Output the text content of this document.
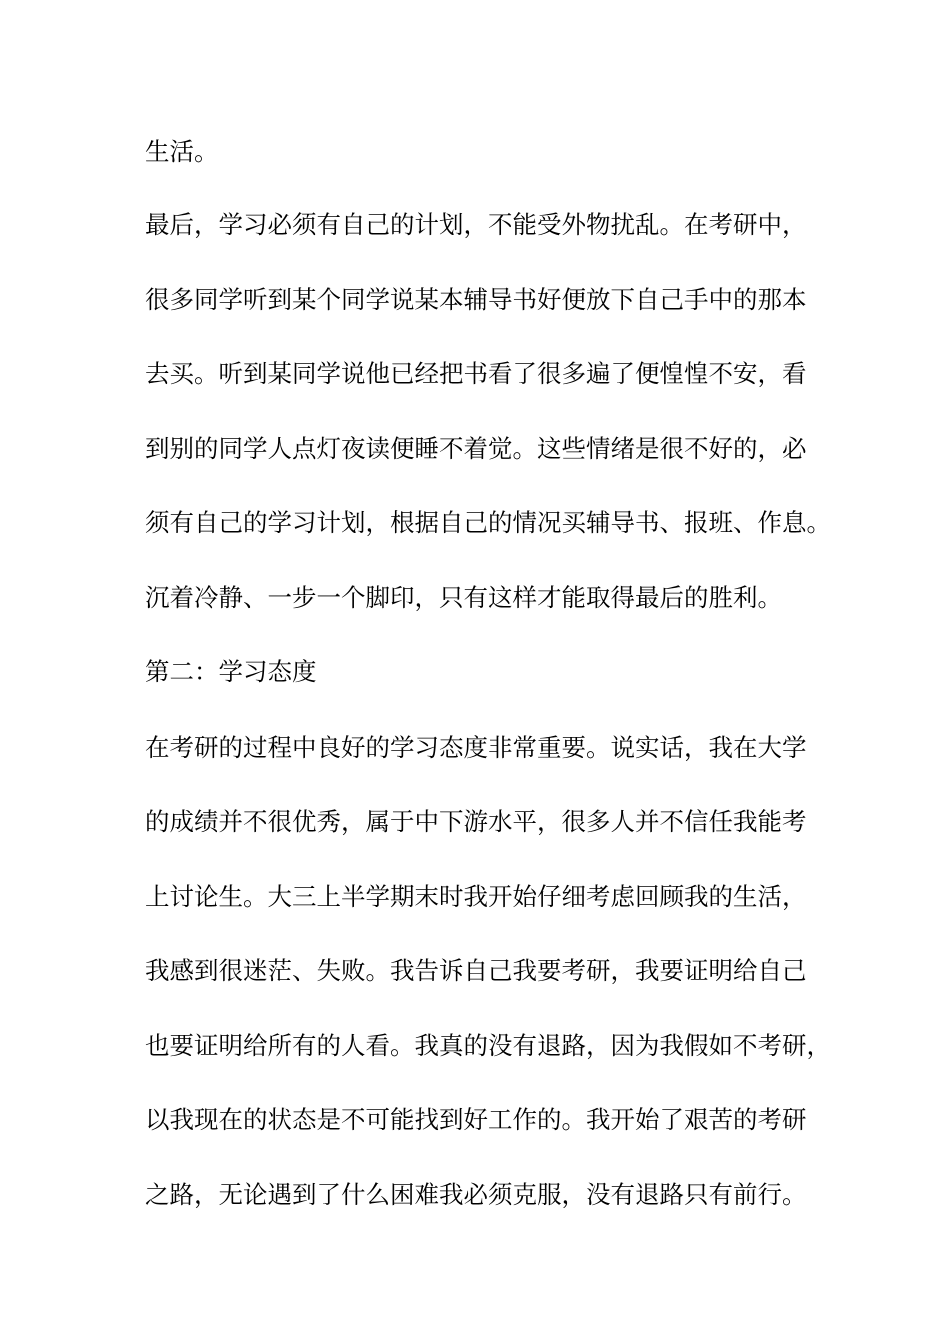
生活。
最后，学习必须有自己的计划，不能受外物扰乱。在考研中，
很多同学听到某个同学说某本辅导书好便放下自己手中的那本
去买。听到某同学说他已经把书看了很多遍了便惶惶不安，看
到别的同学人点灯夜读便睡不着觉。这些情绪是很不好的，必
须有自己的学习计划，根据自己的情况买辅导书、报班、作息。
沉着冷静、一步一个脚印，只有这样才能取得最后的胜利。
第二：学习态度
在考研的过程中良好的学习态度非常重要。说实话，我在大学
的成绩并不很优秀，属于中下游水平，很多人并不信任我能考
上讨论生。大三上半学期末时我开始仔细考虑回顾我的生活，
我感到很迷茫、失败。我告诉自己我要考研，我要证明给自己
也要证明给所有的人看。我真的没有退路，因为我假如不考研，
以我现在的状态是不可能找到好工作的。我开始了艰苦的考研
之路，无论遇到了什么困难我必须克服，没有退路只有前行。
